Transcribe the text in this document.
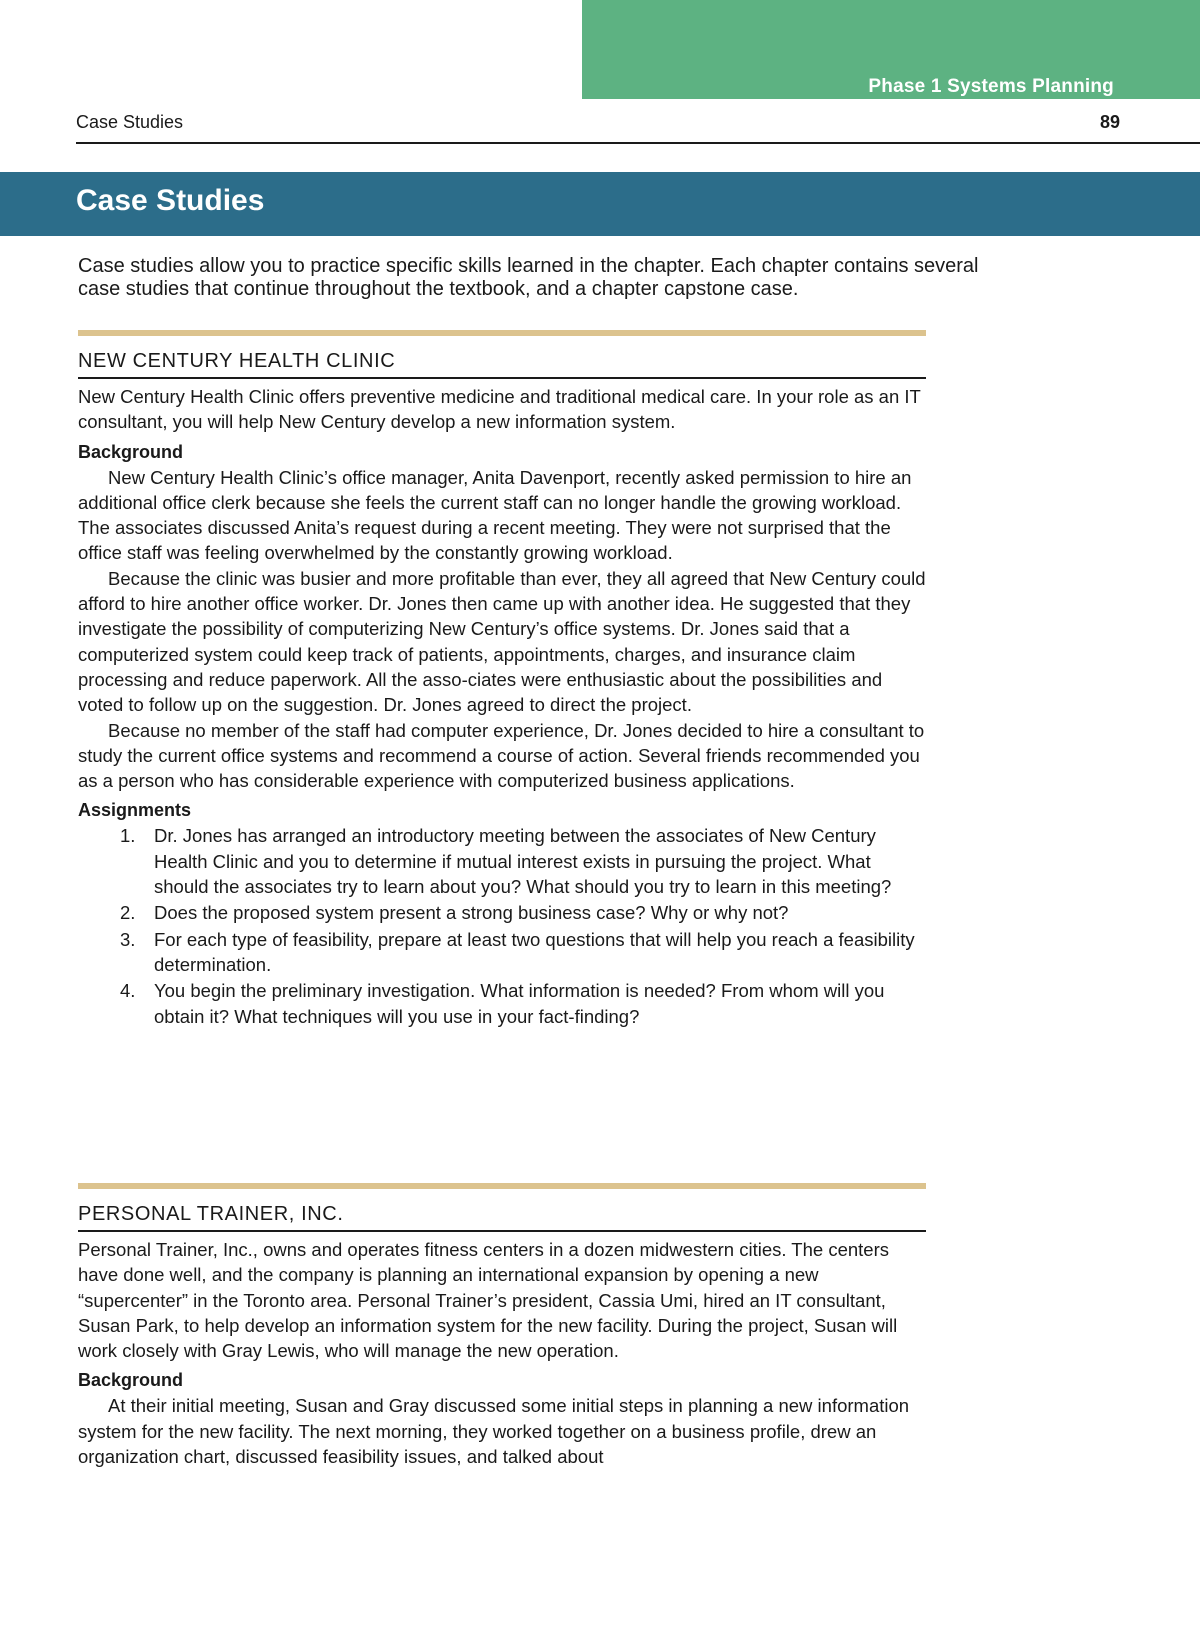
Phase 1 Systems Planning
Case Studies	89
Case Studies

Case studies allow you to practice specific skills learned in the chapter. Each chapter contains several case studies that continue throughout the textbook, and a chapter capstone case.

NEW CENTURY HEALTH CLINIC

New Century Health Clinic offers preventive medicine and traditional medical care. In your role as an IT consultant, you will help New Century develop a new information system.

Background

New Century Health Clinic’s office manager, Anita Davenport, recently asked permission to hire an additional office clerk because she feels the current staff can no longer handle the growing workload. The associates discussed Anita’s request during a recent meeting. They were not surprised that the office staff was feeling overwhelmed by the constantly growing workload.

Because the clinic was busier and more profitable than ever, they all agreed that New Century could afford to hire another office worker. Dr. Jones then came up with another idea. He suggested that they investigate the possibility of computerizing New Century’s office systems. Dr. Jones said that a computerized system could keep track of patients, appointments, charges, and insurance claim processing and reduce paperwork. All the asso-ciates were enthusiastic about the possibilities and voted to follow up on the suggestion. Dr. Jones agreed to direct the project.

Because no member of the staff had computer experience, Dr. Jones decided to hire a consultant to study the current office systems and recommend a course of action. Several friends recommended you as a person who has considerable experience with computerized business applications.

Assignments
1. Dr. Jones has arranged an introductory meeting between the associates of New Century Health Clinic and you to determine if mutual interest exists in pursuing the project. What should the associates try to learn about you? What should you try to learn in this meeting?
2. Does the proposed system present a strong business case? Why or why not?
3. For each type of feasibility, prepare at least two questions that will help you reach a feasibility determination.
4. You begin the preliminary investigation. What information is needed? From whom will you obtain it? What techniques will you use in your fact-finding?
PERSONAL TRAINER, INC.

Personal Trainer, Inc., owns and operates fitness centers in a dozen midwestern cities. The centers have done well, and the company is planning an international expansion by opening a new “supercenter” in the Toronto area. Personal Trainer’s president, Cassia Umi, hired an IT consultant, Susan Park, to help develop an information system for the new facility. During the project, Susan will work closely with Gray Lewis, who will manage the new operation.

Background

At their initial meeting, Susan and Gray discussed some initial steps in planning a new information system for the new facility. The next morning, they worked together on a business profile, drew an organization chart, discussed feasibility issues, and talked about
